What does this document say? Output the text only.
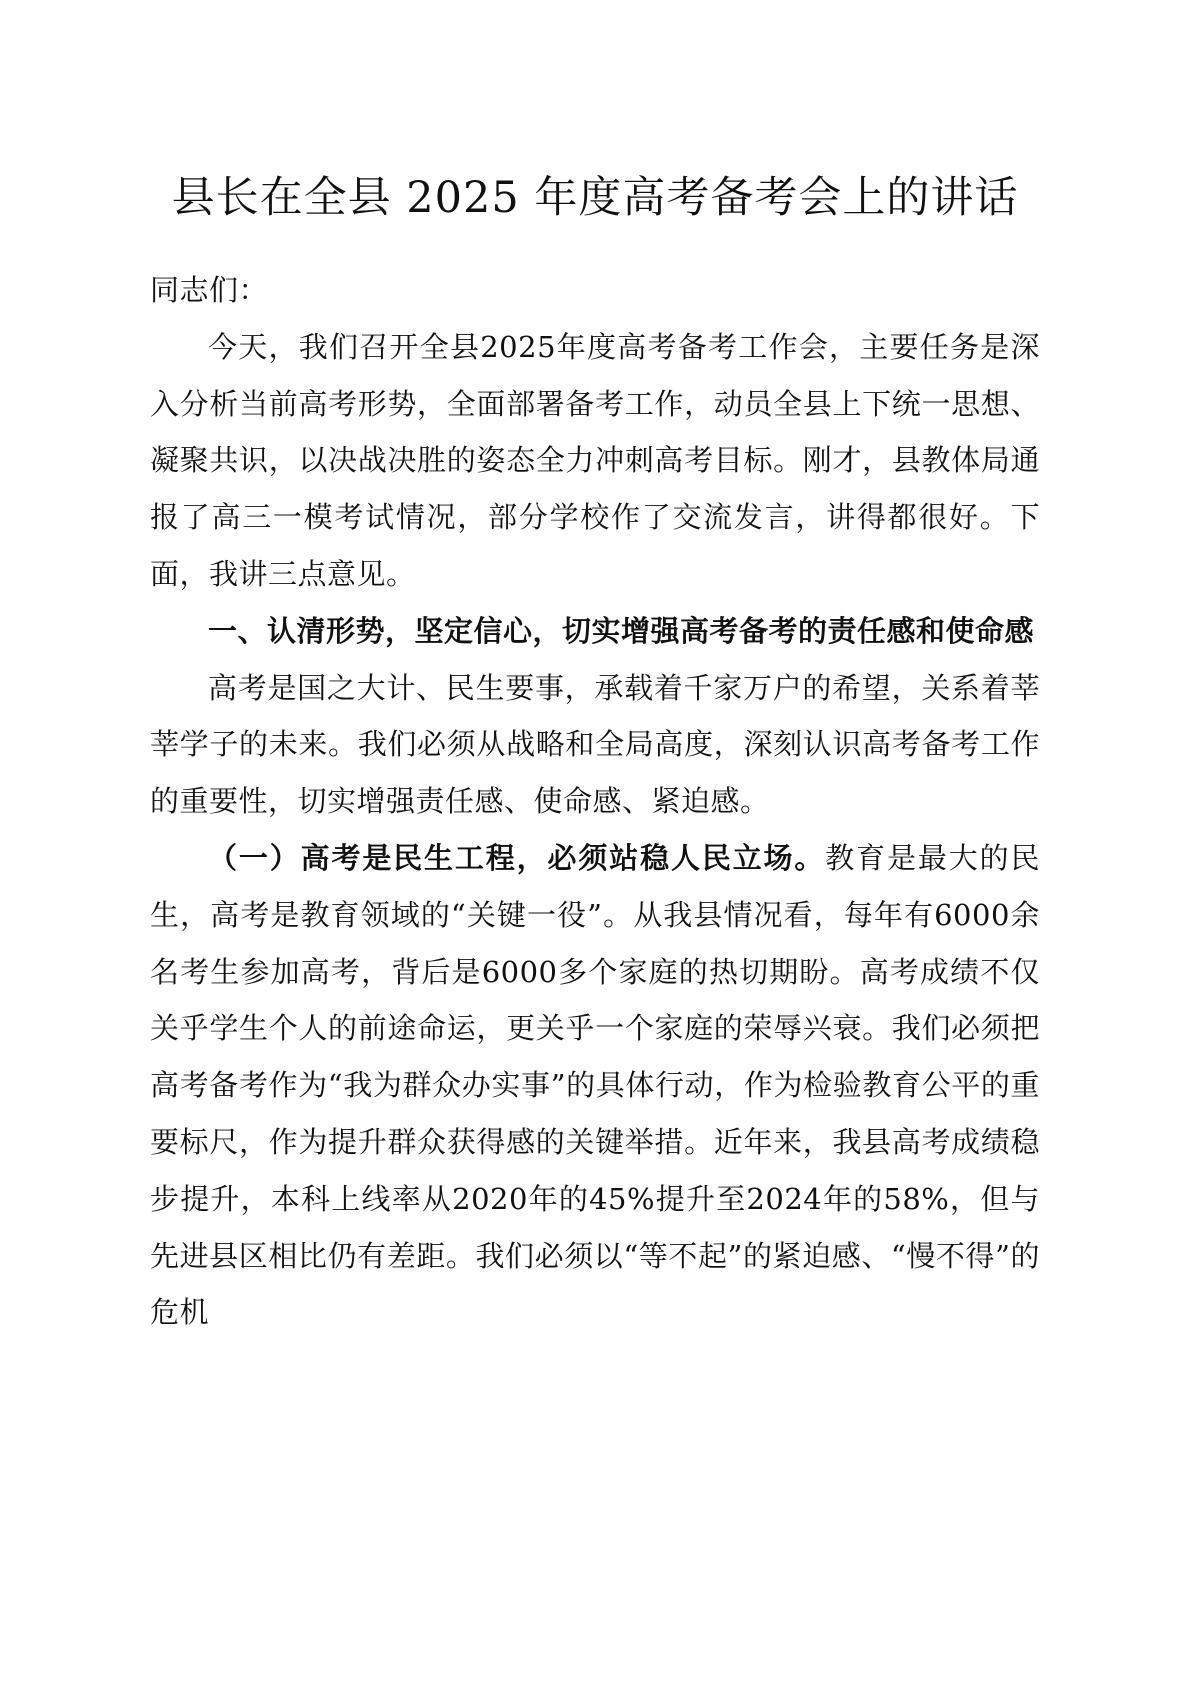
县长在全县 2025 年度高考备考会上的讲话

同志们：

今天，我们召开全县2025年度高考备考工作会，主要任务是深入分析当前高考形势，全面部署备考工作，动员全县上下统一思想、凝聚共识，以决战决胜的姿态全力冲刺高考目标。刚才，县教体局通报了高三一模考试情况，部分学校作了交流发言，讲得都很好。下面，我讲三点意见。

一、认清形势，坚定信心，切实增强高考备考的责任感和使命感

高考是国之大计、民生要事，承载着千家万户的希望，关系着莘莘学子的未来。我们必须从战略和全局高度，深刻认识高考备考工作的重要性，切实增强责任感、使命感、紧迫感。

（一）高考是民生工程，必须站稳人民立场。教育是最大的民生，高考是教育领域的“关键一役”。从我县情况看，每年有6000余名考生参加高考，背后是6000多个家庭的热切期盼。高考成绩不仅关乎学生个人的前途命运，更关乎一个家庭的荣辱兴衰。我们必须把高考备考作为“我为群众办实事”的具体行动，作为检验教育公平的重要标尺，作为提升群众获得感的关键举措。近年来，我县高考成绩稳步提升，本科上线率从2020年的45%提升至2024年的58%，但与先进县区相比仍有差距。我们必须以“等不起”的紧迫感、“慢不得”的危机
